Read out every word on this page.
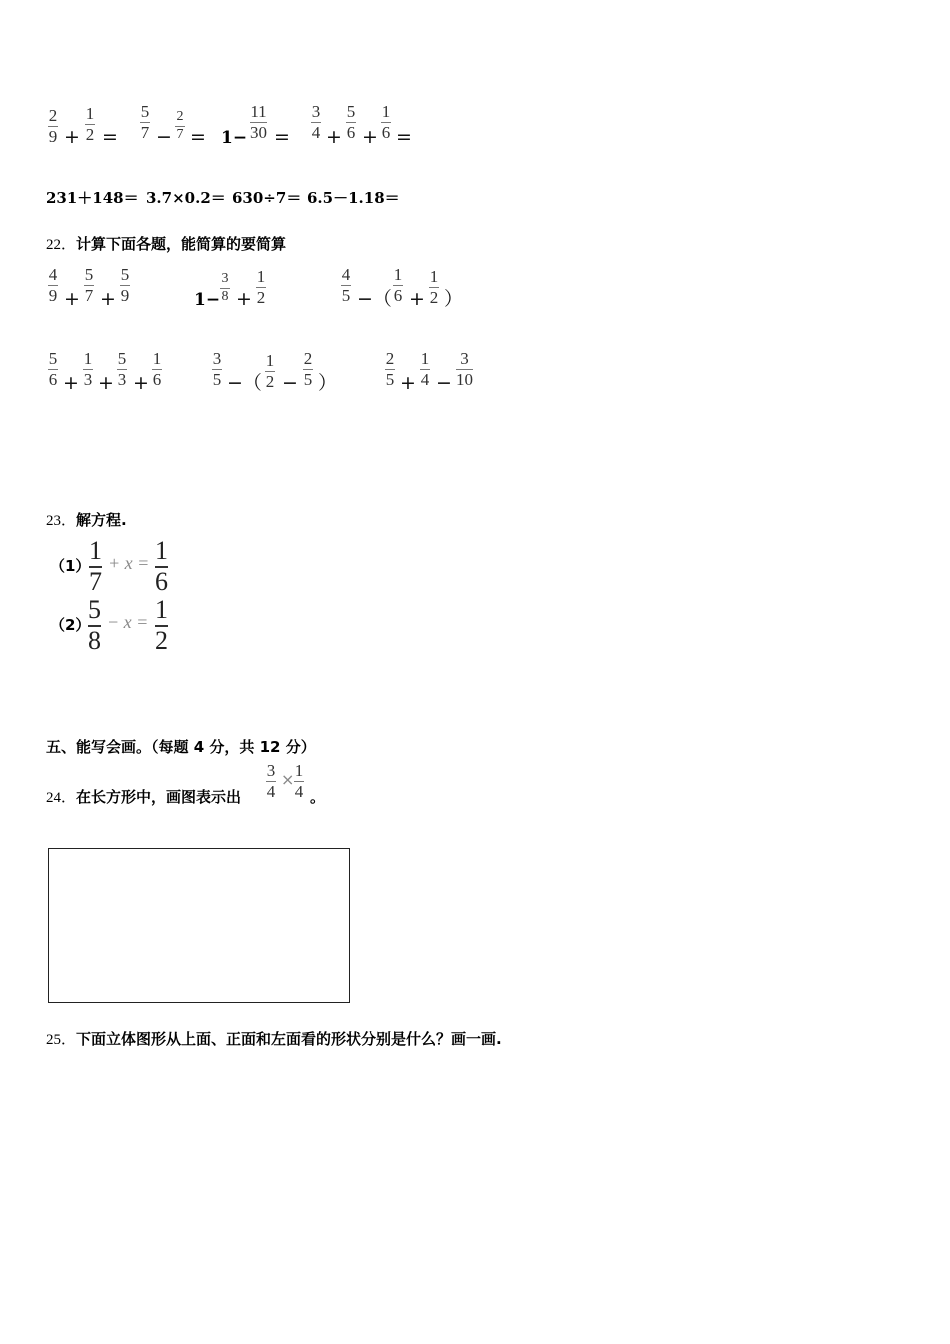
2
9 +
1
2 =
5
7 −
2
7 = 1−
11
30 =
3
4 +
5
6 +
1
6 =
231＋148＝ 3.7×0.2＝ 630÷7＝ 6.5－1.18＝
22．计算下面各题，能简算的要简算
4
9 +
5
7 +
5
9	1−
3
8 +
1
2
4
5 −（
1
6 +
1
2 ）
5
6 +
1
3 +
5
3 +
1
6
3
5 −（
1
2 −
2
5 ）
2
5 +
1
4 −
3
10
23．解方程.
（1）
1
7
+ x = 1
6
（2）
5
8
− x = 1
2
五、能写会画。（每题 4 分，共 12 分）
24．在长方形中，画图表示出
3
4
× 1
4 。
25．下面立体图形从上面、正面和左面看的形状分别是什么？画一画.
